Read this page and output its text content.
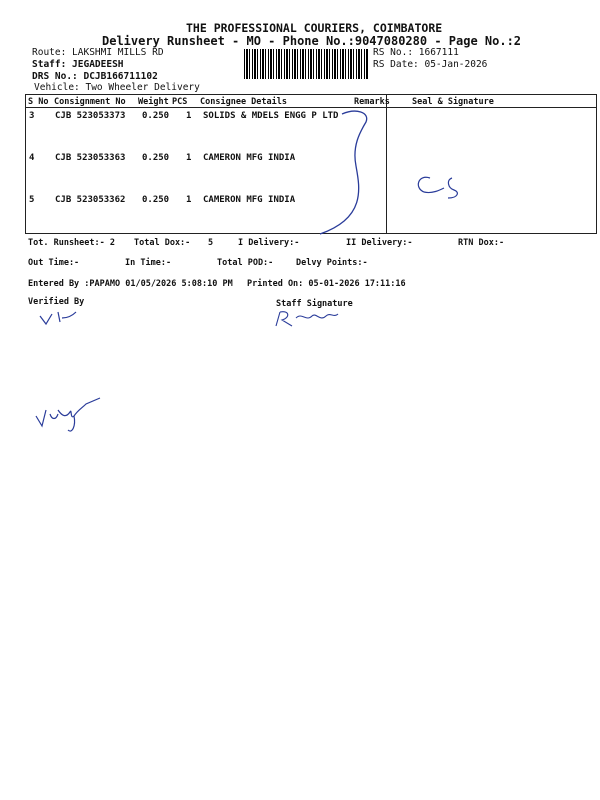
THE PROFESSIONAL COURIERS, COIMBATORE
Delivery Runsheet - MO - Phone No.:9047080280 - Page No.:2
Route: LAKSHMI MILLS RD
Staff: JEGADEESH
DRS No.: DCJB166711102
Vehicle: Two Wheeler Delivery
RS No.: 1667111
RS Date: 05-Jan-2026
S No Consignment No Weight PCS Consignee Details	Remarks	Seal & Signature
3 CJB 523053373 0.250 1 SOLIDS & MDELS ENGG P LTD
4 CJB 523053363 0.250 1 CAMERON MFG INDIA
5 CJB 523053362 0.250 1 CAMERON MFG INDIA
Tot. Runsheet:- 2 Total Dox:- 5	I Delivery:-	II Delivery:-	RTN Dox:-
Out Time:-	In Time:-	Total POD:-	Delvy Points:-
Entered By :PAPAMO 01/05/2026 5:08:10 PM Printed On: 05-01-2026 17:11:16
Verified By	Staff Signature
